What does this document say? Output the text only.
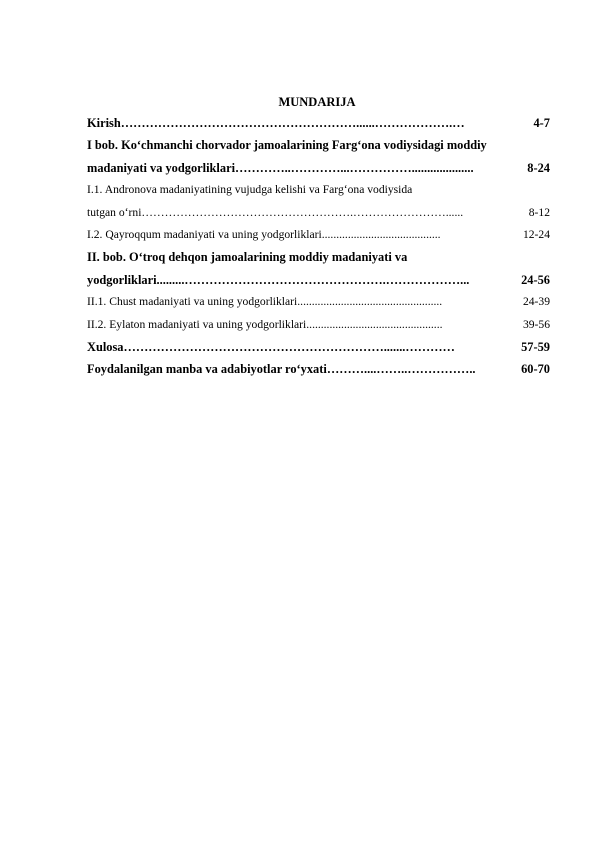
MUNDARIJA
Kirish …………………………………………………......……………….…	4-7
I bob. Ko‘chmanchi chorvador jamoalarining Farg‘ona vodiysidagi moddiy
madaniyati va yodgorliklari …………..…………...……………....................	8-24
I.1. Andronova madaniyatining vujudga kelishi va Farg‘ona vodiysida
tutgan o‘rni ……………………………………………….……………………......	8-12
I.2. Qayroqqum madaniyati va uning yodgorliklari .........................................	12-24
II. bob. O‘troq dehqon jamoalarining moddiy madaniyati va
yodgorliklari .........………………………………………….………………...	24-56
II.1. Chust madaniyati va uning yodgorliklari ..................................................	24-39
II.2. Eylaton madaniyati va uning yodgorliklari ...............................................	39-56
Xulosa ……………………………………………………….......…………	57-59
Foydalanilgan manba va adabiyotlar ro‘yxati ………....……..……………..	60-70
